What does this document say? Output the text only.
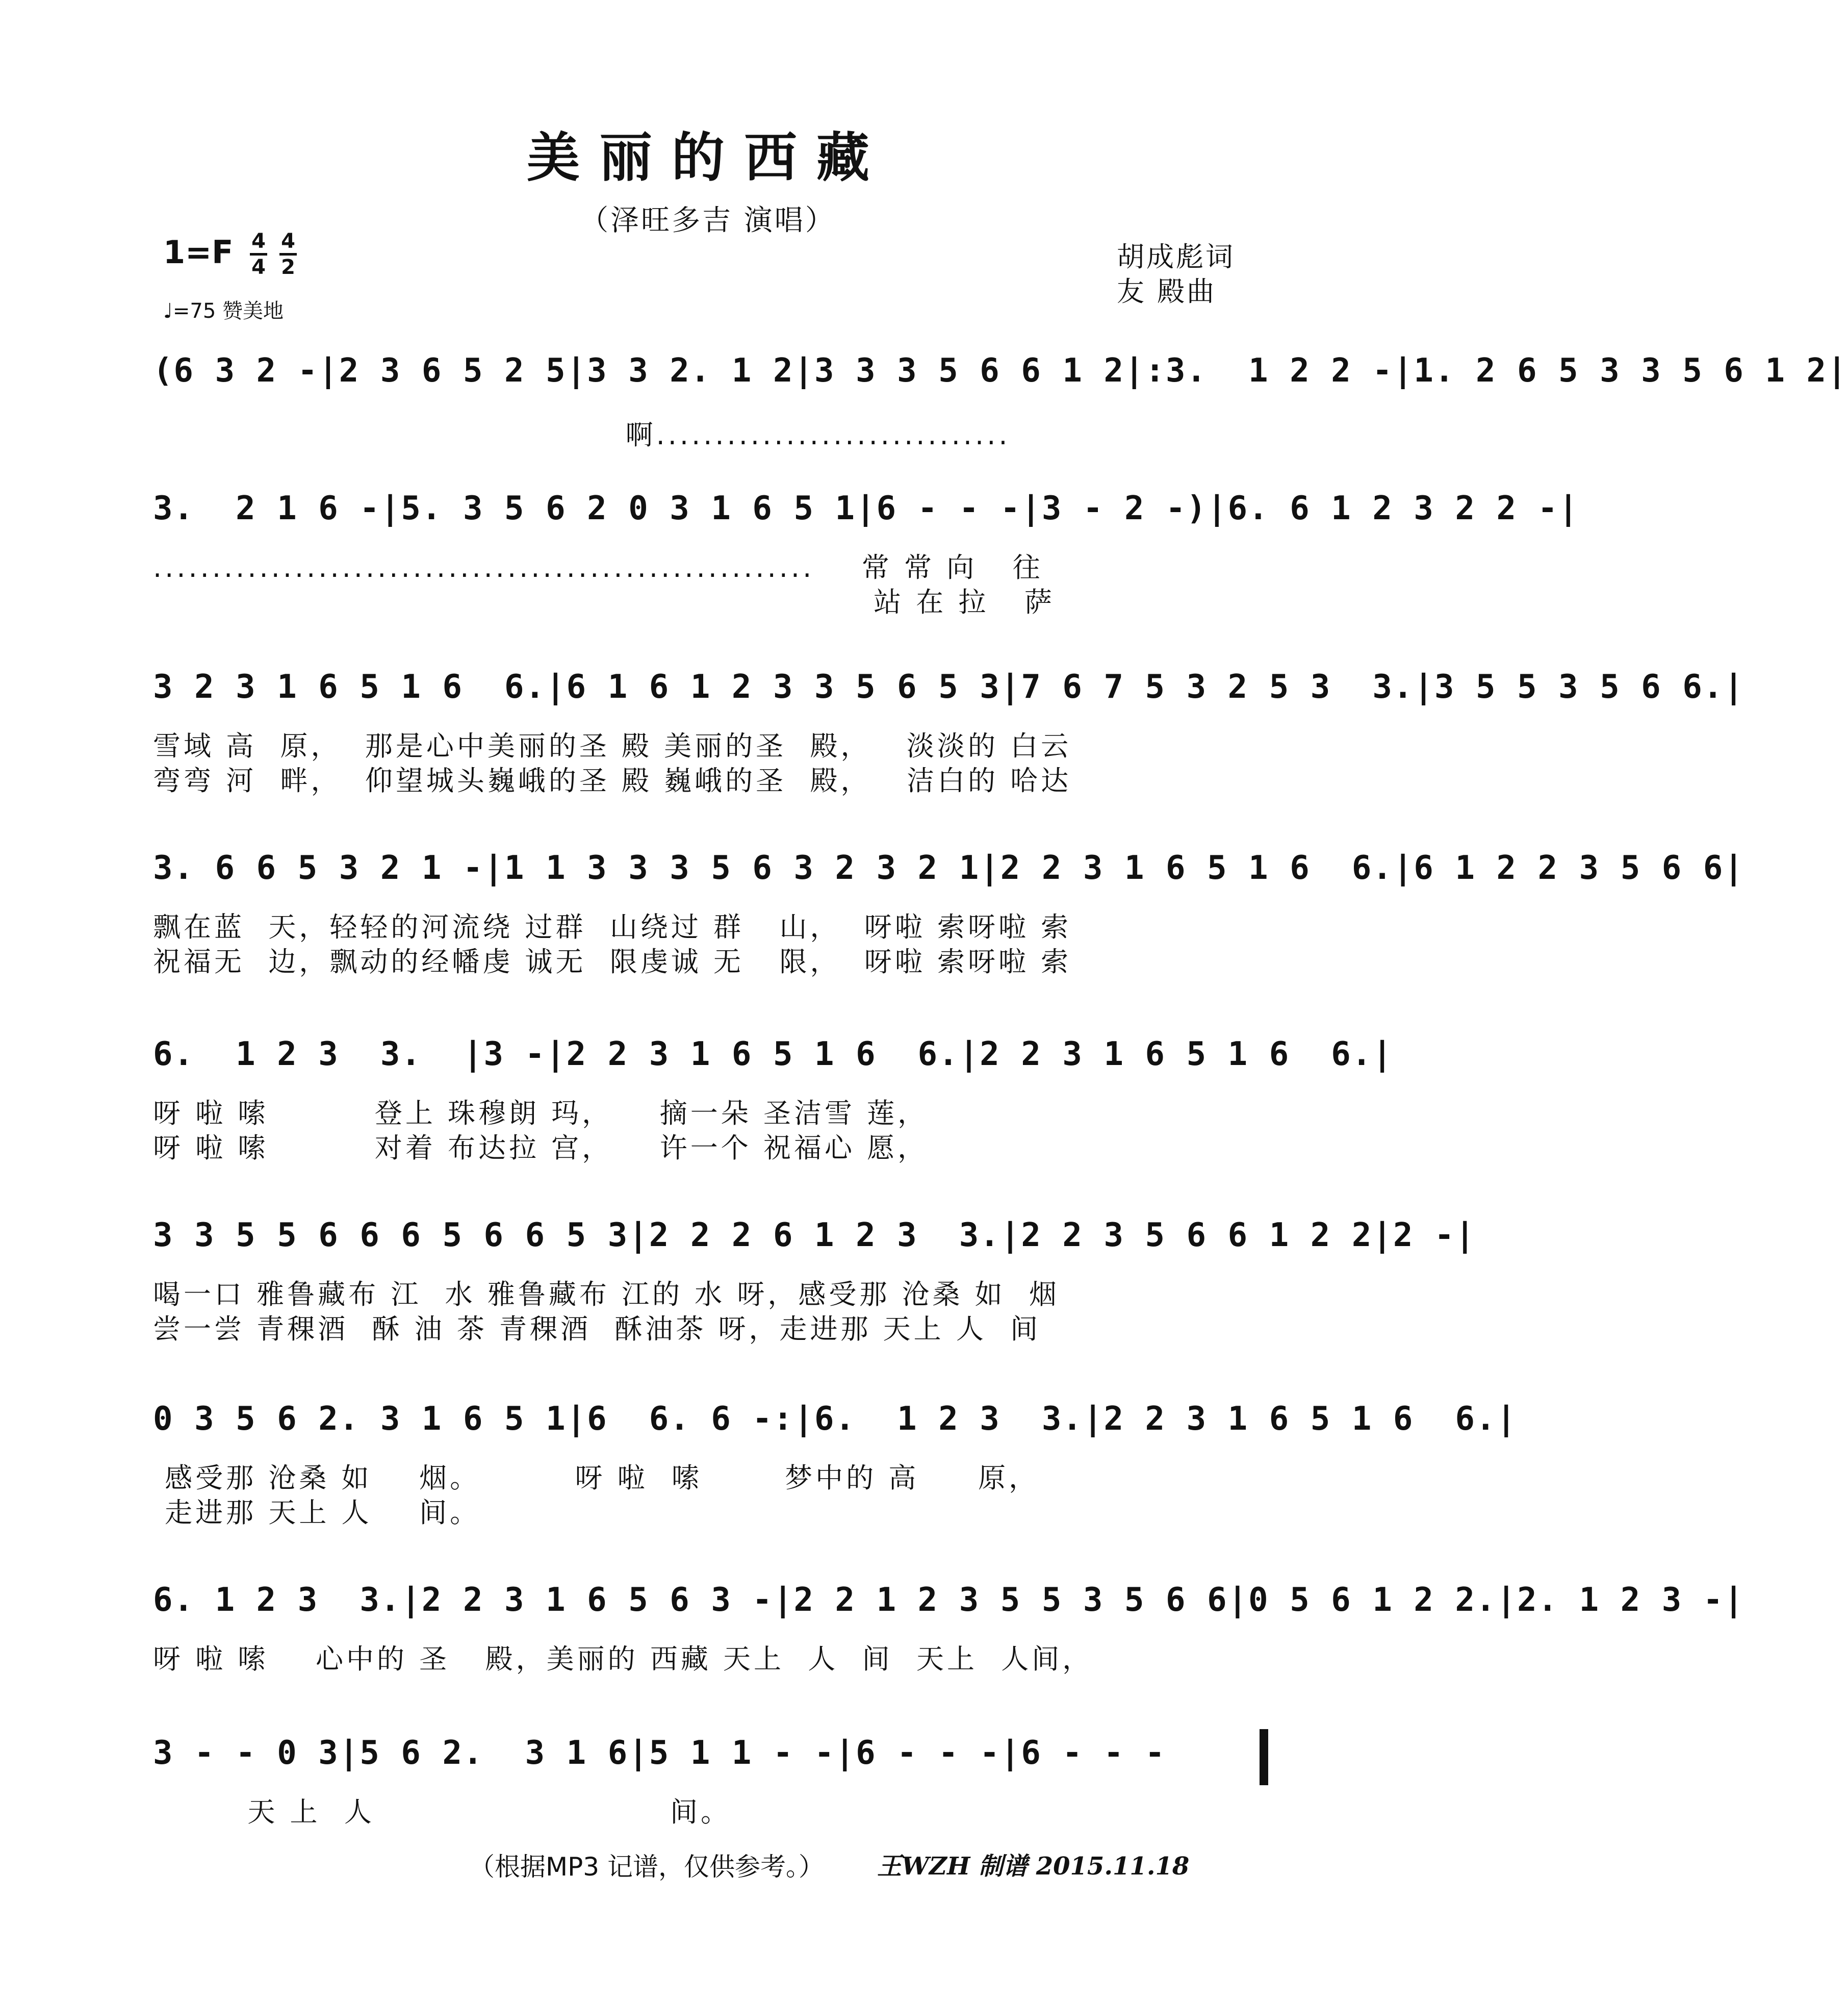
美丽的西藏
（泽旺多吉 演唱）
1=F 4
4
4
2
♩=75 赞美地
胡成彪词
友 殿曲
(6 3 2 -|2 3 6 5 2 5|3 3 2. 1 2|3 3 3 5 6 6 1 2|:3.  1 2 2 -|1. 2 6 5 3 3 5 6 1 2|
啊..............................
3.  2 1 6 -|5. 3 5 6 2 0 3 1 6 5 1|6 - - -|3 - 2 -)|6. 6 1 2 3 2 2 -|
........................................................    常 常 向   往
站 在 拉   萨
3 2 3 1 6 5 1 6  6.|6 1 6 1 2 3 3 5 6 5 3|7 6 7 5 3 2 5 3  3.|3 5 5 3 5 6 6.|
雪域 高  原，  那是心中美丽的圣 殿 美丽的圣  殿，   淡淡的 白云
弯弯 河  畔，  仰望城头巍峨的圣 殿 巍峨的圣  殿，   洁白的 哈达
3. 6 6 5 3 2 1 -|1 1 3 3 3 5 6 3 2 3 2 1|2 2 3 1 6 5 1 6  6.|6 1 2 2 3 5 6 6|
飘在蓝  天，轻轻的河流绕 过群  山绕过 群   山，  呀啦 索呀啦 索
祝福无  边，飘动的经幡虔 诚无  限虔诚 无   限，  呀啦 索呀啦 索
6.  1 2 3  3.  |3 -|2 2 3 1 6 5 1 6  6.|2 2 3 1 6 5 1 6  6.|
呀 啦 嗦         登上 珠穆朗 玛，    摘一朵 圣洁雪 莲，
呀 啦 嗦         对着 布达拉 宫，    许一个 祝福心 愿，
3 3 5 5 6 6 6 5 6 6 5 3|2 2 2 6 1 2 3  3.|2 2 3 5 6 6 1 2 2|2 -|
喝一口 雅鲁藏布 江  水 雅鲁藏布 江的 水 呀，感受那 沧桑 如  烟
尝一尝 青稞酒  酥 油 茶 青稞酒  酥油茶 呀，走进那 天上 人  间
0 3 5 6 2. 3 1 6 5 1|6  6. 6 -:|6.  1 2 3  3.|2 2 3 1 6 5 1 6  6.|
感受那 沧桑 如    烟。        呀 啦  嗦       梦中的 高     原，
走进那 天上 人    间。
6. 1 2 3  3.|2 2 3 1 6 5 6 3 -|2 2 1 2 3 5 5 3 5 6 6|0 5 6 1 2 2.|2. 1 2 3 -|
呀 啦 嗦    心中的 圣   殿，美丽的 西藏 天上  人  间  天上  人间，
3 - - 0 3|5 6 2.  3 1 6|5 1 1 - -|6 - - -|6 - - -
天 上  人                         间。
（根据MP3 记谱，仅供参考。） 王WZH 制谱 2015.11.18
